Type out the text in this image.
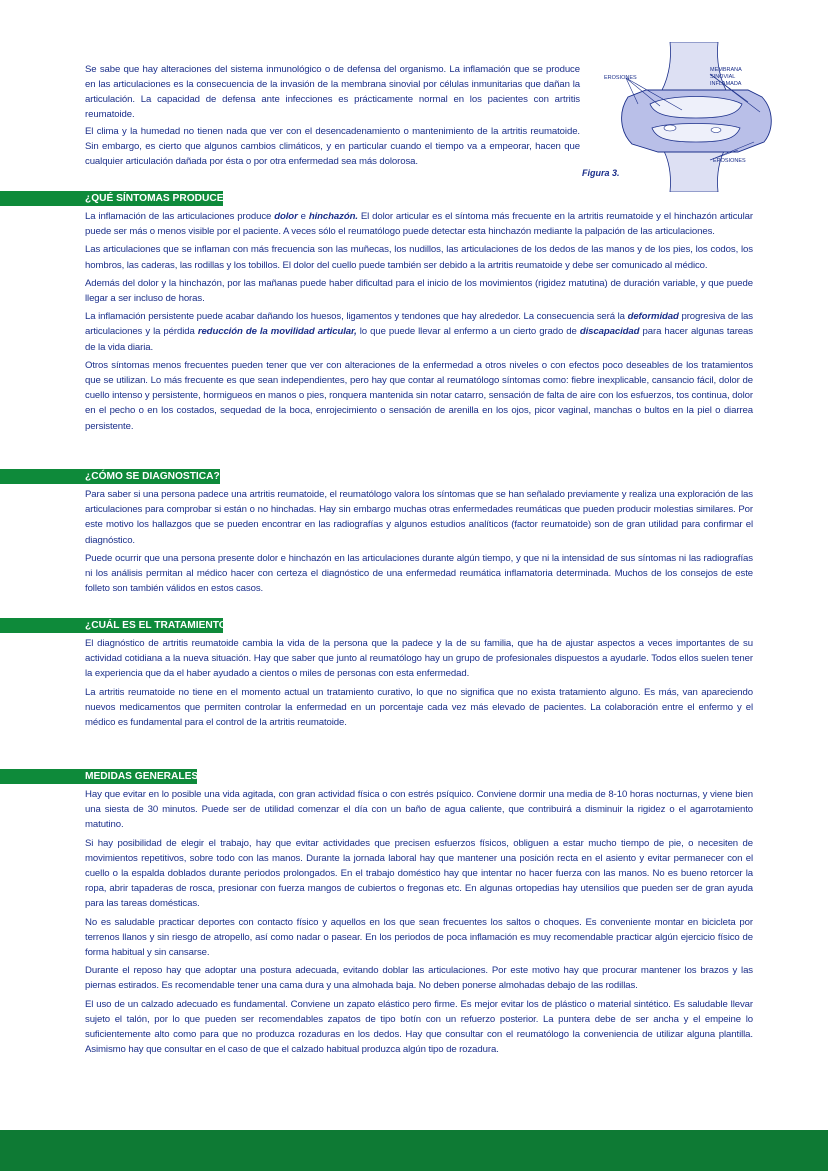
Se sabe que hay alteraciones del sistema inmunológico o de defensa del organismo. La inflamación que se produce en las articulaciones es la consecuencia de la invasión de la membrana sinovial por células inmunitarias que dañan la articulación. La capacidad de defensa ante infecciones es prácticamente normal en los pacientes con artritis reumatoide.

El clima y la humedad no tienen nada que ver con el desencadenamiento o mantenimiento de la artritis reumatoide. Sin embargo, es cierto que algunos cambios climáticos, y en particular cuando el tiempo va a empeorar, hacen que cualquier articulación dañada por ésta o por otra enfermedad sea más dolorosa.

EROSIONES
MEMBRANA
SINOVIAL
INFLAMADA
EROSIONES
Figura 3.
¿QUÉ SÍNTOMAS PRODUCE?

La inflamación de las articulaciones produce dolor e hinchazón. El dolor articular es el síntoma más frecuente en la artritis reumatoide y el hinchazón articular puede ser más o menos visible por el paciente. A veces sólo el reumatólogo puede detectar esta hinchazón mediante la palpación de las articulaciones.

Las articulaciones que se inflaman con más frecuencia son las muñecas, los nudillos, las articulaciones de los dedos de las manos y de los pies, los codos, los hombros, las caderas, las rodillas y los tobillos. El dolor del cuello puede también ser debido a la artritis reumatoide y debe ser comunicado al médico.

Además del dolor y la hinchazón, por las mañanas puede haber dificultad para el inicio de los movimientos (rigidez matutina) de duración variable, y que puede llegar a ser incluso de horas.

La inflamación persistente puede acabar dañando los huesos, ligamentos y tendones que hay alrededor. La consecuencia será la deformidad progresiva de las articulaciones y la pérdida reducción de la movilidad articular, lo que puede llevar al enfermo a un cierto grado de discapacidad para hacer algunas tareas de la vida diaria.

Otros síntomas menos frecuentes pueden tener que ver con alteraciones de la enfermedad a otros niveles o con efectos poco deseables de los tratamientos que se utilizan. Lo más frecuente es que sean independientes, pero hay que contar al reumatólogo síntomas como: fiebre inexplicable, cansancio fácil, dolor de cuello intenso y persistente, hormigueos en manos o pies, ronquera mantenida sin notar catarro, sensación de falta de aire con los esfuerzos, tos continua, dolor en el pecho o en los costados, sequedad de la boca, enrojecimiento o sensación de arenilla en los ojos, picor vaginal, manchas o bultos en la piel o diarrea persistente.

¿CÓMO SE DIAGNOSTICA?

Para saber si una persona padece una artritis reumatoide, el reumatólogo valora los síntomas que se han señalado previamente y realiza una exploración de las articulaciones para comprobar si están o no hinchadas. Hay sin embargo muchas otras enfermedades reumáticas que pueden producir molestias similares. Por este motivo los hallazgos que se pueden encontrar en las radiografías y algunos estudios analíticos (factor reumatoide) son de gran utilidad para confirmar el diagnóstico.

Puede ocurrir que una persona presente dolor e hinchazón en las articulaciones durante algún tiempo, y que ni la intensidad de sus síntomas ni las radiografías ni los análisis permitan al médico hacer con certeza el diagnóstico de una enfermedad reumática inflamatoria determinada. Muchos de los consejos de este folleto son también válidos en estos casos.

¿CUÁL ES EL TRATAMIENTO?

El diagnóstico de artritis reumatoide cambia la vida de la persona que la padece y la de su familia, que ha de ajustar aspectos a veces importantes de su actividad cotidiana a la nueva situación. Hay que saber que junto al reumatólogo hay un grupo de profesionales dispuestos a ayudarle. Todos ellos suelen tener la experiencia que da el haber ayudado a cientos o miles de personas con esta enfermedad.

La artritis reumatoide no tiene en el momento actual un tratamiento curativo, lo que no significa que no exista tratamiento alguno. Es más, van apareciendo nuevos medicamentos que permiten controlar la enfermedad en un porcentaje cada vez más elevado de pacientes. La colaboración entre el enfermo y el médico es fundamental para el control de la artritis reumatoide.

MEDIDAS GENERALES

Hay que evitar en lo posible una vida agitada, con gran actividad física o con estrés psíquico. Conviene dormir una media de 8-10 horas nocturnas, y viene bien una siesta de 30 minutos. Puede ser de utilidad comenzar el día con un baño de agua caliente, que contribuirá a disminuir la rigidez o el agarrotamiento matutino.

Si hay posibilidad de elegir el trabajo, hay que evitar actividades que precisen esfuerzos físicos, obliguen a estar mucho tiempo de pie, o necesiten de movimientos repetitivos, sobre todo con las manos. Durante la jornada laboral hay que mantener una posición recta en el asiento y evitar permanecer con el cuello o la espalda doblados durante periodos prolongados. En el trabajo doméstico hay que intentar no hacer fuerza con las manos. No es bueno retorcer la ropa, abrir tapaderas de rosca, presionar con fuerza mangos de cubiertos o fregonas etc. En algunas ortopedias hay utensilios que pueden ser de gran ayuda para las tareas domésticas.

No es saludable practicar deportes con contacto físico y aquellos en los que sean frecuentes los saltos o choques. Es conveniente montar en bicicleta por terrenos llanos y sin riesgo de atropello, así como nadar o pasear. En los periodos de poca inflamación es muy recomendable practicar algún ejercicio físico de forma habitual y sin cansarse.

Durante el reposo hay que adoptar una postura adecuada, evitando doblar las articulaciones. Por este motivo hay que procurar mantener los brazos y las piernas estirados. Es recomendable tener una cama dura y una almohada baja. No deben ponerse almohadas debajo de las rodillas.

El uso de un calzado adecuado es fundamental. Conviene un zapato elástico pero firme. Es mejor evitar los de plástico o material sintético. Es saludable llevar sujeto el talón, por lo que pueden ser recomendables zapatos de tipo botín con un refuerzo posterior. La puntera debe de ser ancha y el empeine lo suficientemente alto como para que no produzca rozaduras en los dedos. Hay que consultar con el reumatólogo la conveniencia de utilizar alguna plantilla. Asimismo hay que consultar en el caso de que el calzado habitual produzca algún tipo de rozadura.
